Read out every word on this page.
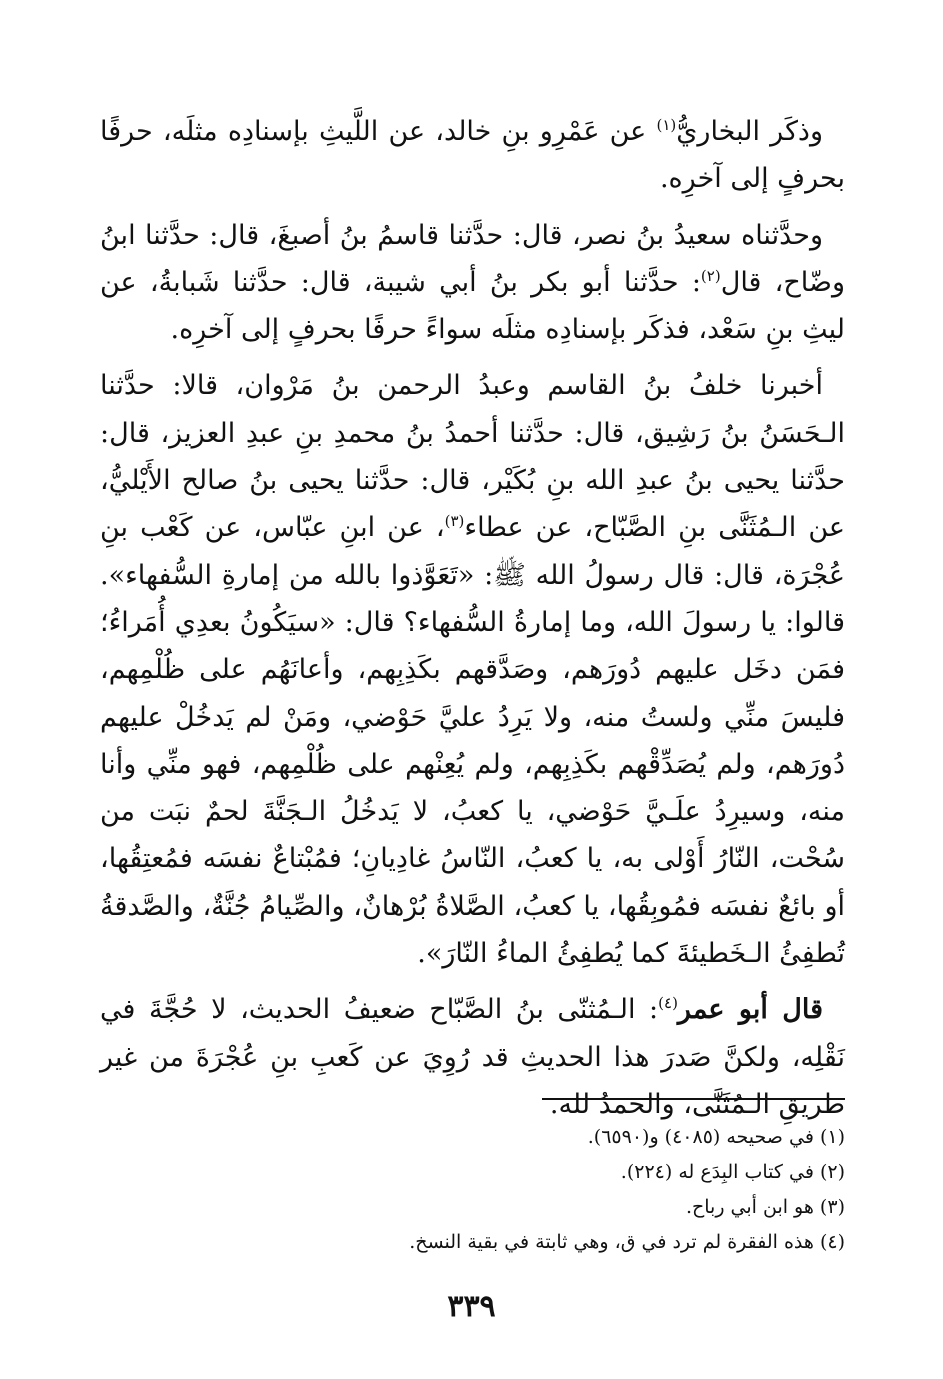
وذكَر البخاريُّ$^{(١)}$ عن عَمْرِو بنِ خالد، عن اللَّيثِ بإسنادِه مثلَه، حرفًا بحرفٍ إلى آخرِه.

وحدَّثناه سعيدُ بنُ نصر، قال: حدَّثنا قاسمُ بنُ أصبغَ، قال: حدَّثنا ابنُ وضّاح، قال$^{(٢)}$: حدَّثنا أبو بكر بنُ أبي شيبة، قال: حدَّثنا شَبابةُ، عن ليثِ بنِ سَعْد، فذكَر بإسنادِه مثلَه سواءً حرفًا بحرفٍ إلى آخرِه.

أخبرنا خلفُ بنُ القاسم وعبدُ الرحمن بنُ مَرْوان، قالا: حدَّثنا الـحَسَنُ بنُ رَشِيق، قال: حدَّثنا أحمدُ بنُ محمدِ بنِ عبدِ العزيز، قال: حدَّثنا يحيى بنُ عبدِ الله بنِ بُكَيْر، قال: حدَّثنا يحيى بنُ صالح الأَيْليُّ، عن الـمُثَنَّى بنِ الصَّبّاح، عن عطاء$^{(٣)}$، عن ابنِ عبّاس، عن كَعْب بنِ عُجْرَة، قال: قال رسولُ الله ﷺ: «تَعَوَّذوا بالله من إمارةِ السُّفهاء». قالوا: يا رسولَ الله، وما إمارةُ السُّفهاء؟ قال: «سيَكُونُ بعدِي أُمَراءُ؛ فمَن دخَل عليهم دُورَهم، وصَدَّقهم بكَذِبِهم، وأعانَهُم على ظُلْمِهم، فليسَ منِّي ولستُ منه، ولا يَرِدُ عليَّ حَوْضي، ومَنْ لم يَدخُلْ عليهم دُورَهم، ولم يُصَدِّقْهم بكَذِبِهم، ولم يُعِنْهم على ظُلْمِهم، فهو منِّي وأنا منه، وسيرِدُ علَـيَّ حَوْضي، يا كعبُ، لا يَدخُلُ الـجَنَّةَ لحمٌ نبَت من سُحْت، النّارُ أَوْلى به، يا كعبُ، النّاسُ غادِيانِ؛ فمُبْتاعٌ نفسَه فمُعتِقُها، أو بائعٌ نفسَه فمُوبِقُها، يا كعبُ، الصَّلاةُ بُرْهانٌ، والصِّيامُ جُنَّةٌ، والصَّدقةُ تُطفِئُ الـخَطيئةَ كما يُطفِئُ الماءُ النّارَ».

قال أبو عمر$^{(٤)}$: الـمُثنّى بنُ الصَّبّاح ضعيفُ الحديث، لا حُجَّةَ في نَقْلِه، ولكنَّ صَدرَ هذا الحديثِ قد رُوِيَ عن كَعبِ بنِ عُجْرَةَ من غير طريقِ الـمُثَنَّى، والحمدُ لله.

(١) في صحيحه (٤٠٨٥) و(٦٥٩٠).
(٢) في كتاب البِدَع له (٢٢٤).
(٣) هو ابن أبي رباح.
(٤) هذه الفقرة لم ترد في ق، وهي ثابتة في بقية النسخ.
٣٣٩
